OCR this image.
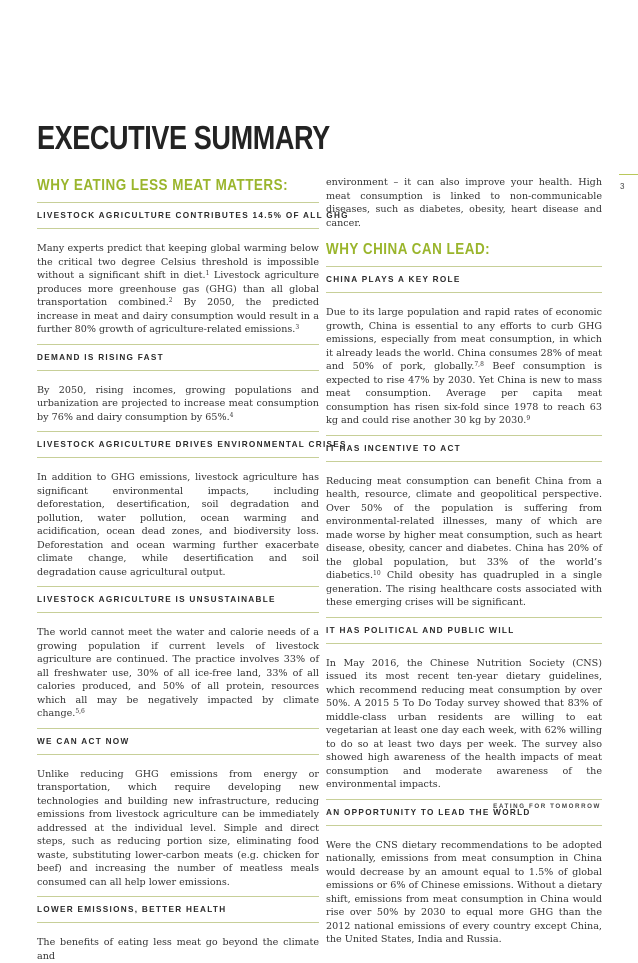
EXECUTIVE SUMMARY
3
WHY EATING LESS MEAT MATTERS:
LIVESTOCK AGRICULTURE CONTRIBUTES 14.5% OF ALL GHG

Many experts predict that keeping global warming below the critical two degree Celsius threshold is impossible without a significant shift in diet.$^1$ Livestock agriculture produces more greenhouse gas (GHG) than all global transportation combined.$^2$ By 2050, the predicted increase in meat and dairy consumption would result in a further 80% growth of agriculture-related emissions.$^3$

DEMAND IS RISING FAST

By 2050, rising incomes, growing populations and urbanization are projected to increase meat consumption by 76% and dairy consumption by 65%.$^4$

LIVESTOCK AGRICULTURE DRIVES ENVIRONMENTAL CRISES

In addition to GHG emissions, livestock agriculture has significant environmental impacts, including deforestation, desertification, soil degradation and pollution, water pollution, ocean warming and acidification, ocean dead zones, and biodiversity loss. Deforestation and ocean warming further exacerbate climate change, while desertification and soil degradation cause agricultural output.

LIVESTOCK AGRICULTURE IS UNSUSTAINABLE

The world cannot meet the water and calorie needs of a growing population if current levels of livestock agriculture are continued. The practice involves 33% of all freshwater use, 30% of all ice-free land, 33% of all calories produced, and 50% of all protein, resources which all may be negatively impacted by climate change.$^{5,6}$

WE CAN ACT NOW

Unlike reducing GHG emissions from energy or transportation, which require developing new technologies and building new infrastructure, reducing emissions from livestock agriculture can be immediately addressed at the individual level. Simple and direct steps, such as reducing portion size, eliminating food waste, substituting lower-carbon meats (e.g. chicken for beef) and increasing the number of meatless meals consumed can all help lower emissions.

LOWER EMISSIONS, BETTER HEALTH

The benefits of eating less meat go beyond the climate and

environment – it can also improve your health. High meat consumption is linked to non-communicable diseases, such as diabetes, obesity, heart disease and cancer.

WHY CHINA CAN LEAD:
CHINA PLAYS A KEY ROLE

Due to its large population and rapid rates of economic growth, China is essential to any efforts to curb GHG emissions, especially from meat consumption, in which it already leads the world. China consumes 28% of meat and 50% of pork, globally.$^{7,8}$ Beef consumption is expected to rise 47% by 2030. Yet China is new to mass meat consumption. Average per capita meat consumption has risen six-fold since 1978 to reach 63 kg and could rise another 30 kg by 2030.$^9$

IT HAS INCENTIVE TO ACT

Reducing meat consumption can benefit China from a health, resource, climate and geopolitical perspective. Over 50% of the population is suffering from environmental-related illnesses, many of which are made worse by higher meat consumption, such as heart disease, obesity, cancer and diabetes. China has 20% of the global population, but 33% of the world’s diabetics.$^{10}$ Child obesity has quadrupled in a single generation. The rising healthcare costs associated with these emerging crises will be significant.

IT HAS POLITICAL AND PUBLIC WILL

In May 2016, the Chinese Nutrition Society (CNS) issued its most recent ten-year dietary guidelines, which recommend reducing meat consumption by over 50%. A 2015 5 To Do Today survey showed that 83% of middle-class urban residents are willing to eat vegetarian at least one day each week, with 62% willing to do so at least two days per week. The survey also showed high awareness of the health impacts of meat consumption and moderate awareness of the environmental impacts.

AN OPPORTUNITY TO LEAD THE WORLD

Were the CNS dietary recommendations to be adopted nationally, emissions from meat consumption in China would decrease by an amount equal to 1.5% of global emissions or 6% of Chinese emissions. Without a dietary shift, emissions from meat consumption in China would rise over 50% by 2030 to equal more GHG than the 2012 national emissions of every country except China, the United States, India and Russia.

EATING FOR TOMORROW
